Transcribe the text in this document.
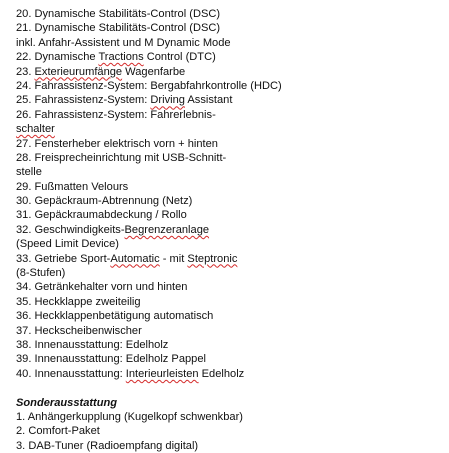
20. Dynamische Stabilitäts-Control (DSC)
21. Dynamische Stabilitäts-Control (DSC)
inkl. Anfahr-Assistent und M Dynamic Mode
22. Dynamische Tractions Control (DTC)
23. Exterieurumfänge Wagenfarbe
24. Fahrassistenz-System: Bergabfahrkontrolle (HDC)
25. Fahrassistenz-System: Driving Assistant
26. Fahrassistenz-System: Fahrerlebnis-
schalter
27. Fensterheber elektrisch vorn + hinten
28. Freisprecheinrichtung mit USB-Schnitt-
stelle
29. Fußmatten Velours
30. Gepäckraum-Abtrennung (Netz)
31. Gepäckraumabdeckung / Rollo
32. Geschwindigkeits-Begrenzeranlage
(Speed Limit Device)
33. Getriebe Sport-Automatic - mit Steptronic
(8-Stufen)
34. Getränkehalter vorn und hinten
35. Heckklappe zweiteilig
36. Heckklappenbetätigung automatisch
37. Heckscheibenwischer
38. Innenausstattung: Edelholz
39. Innenausstattung: Edelholz Pappel
40. Innenausstattung: Interieurleisten Edelholz
Sonderausstattung
1. Anhängerkupplung (Kugelkopf schwenkbar)
2. Comfort-Paket
3. DAB-Tuner (Radioempfang digital)
